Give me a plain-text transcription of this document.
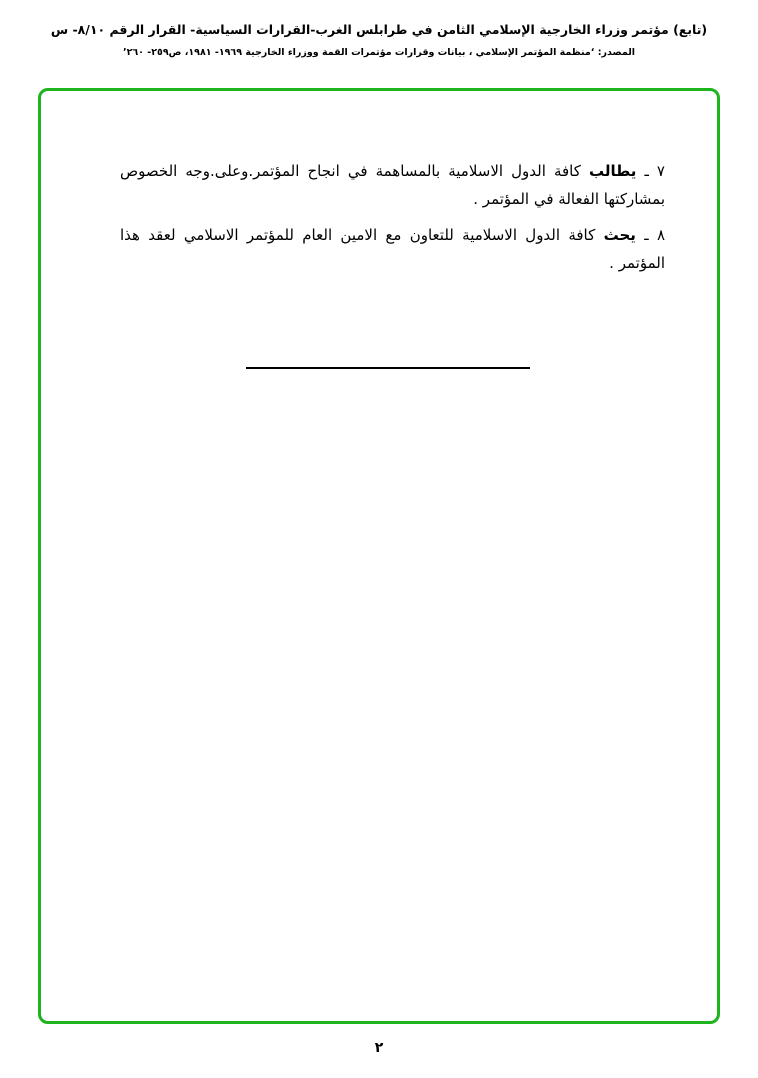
(تابع) مؤتمر وزراء الخارجية الإسلامي الثامن في طرابلس الغرب-القرارات السياسية- القرار الرقم ٨/١٠- س
المصدر: ‘منظمة المؤتمر الإسلامي ، بيانات وقرارات مؤتمرات القمة ووزراء الخارجية ١٩٦٩- ١٩٨١، ص٢٥٩- ٢٦٠’

٧ ـ يطالب كافة الدول الاسلامية بالمساهمة في انجاح المؤتمر.وعلى.وجه الخصوص بمشاركتها الفعالة في المؤتمر .

٨ ـ يحث كافة الدول الاسلامية للتعاون مع الامين العام للمؤتمر الاسلامي لعقد هذا المؤتمر .

٢
